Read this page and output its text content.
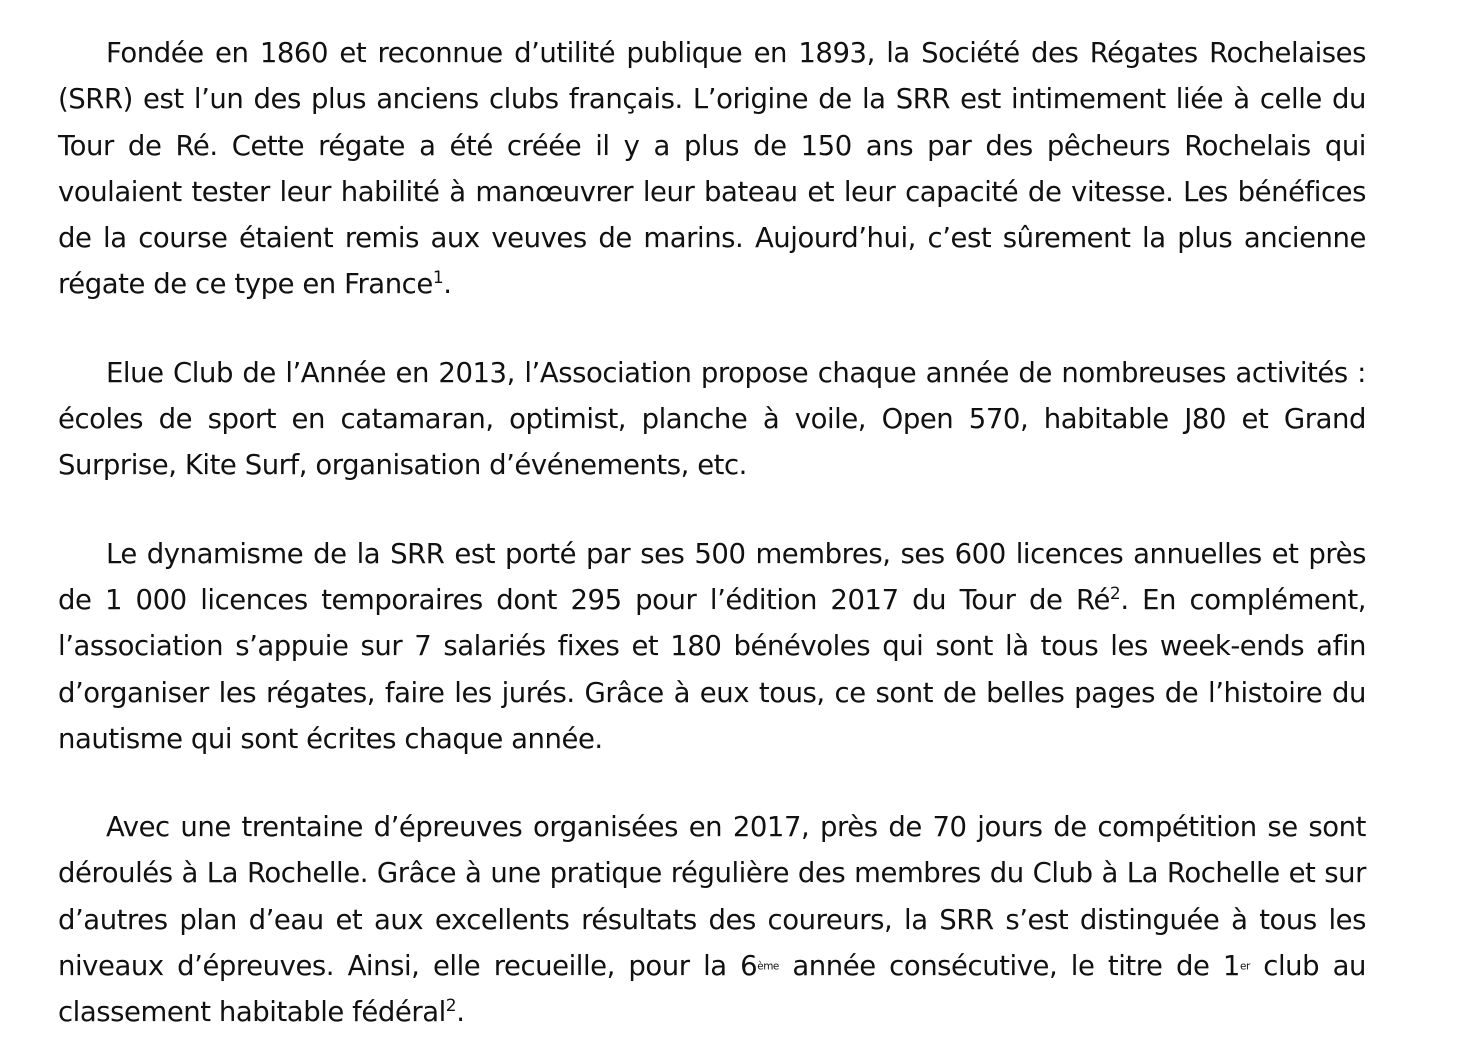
Fondée en 1860 et reconnue d’utilité publique en 1893, la Société des Régates Rochelaises (SRR) est l’un des plus anciens clubs français. L’origine de la SRR est intimement liée à celle du Tour de Ré. Cette régate a été créée il y a plus de 150 ans par des pêcheurs Rochelais qui voulaient tester leur habilité à manœuvrer leur bateau et leur capacité de vitesse. Les bénéfices de la course étaient remis aux veuves de marins. Aujourd’hui, c’est sûrement la plus ancienne régate de ce type en France$^1$.

Elue Club de l’Année en 2013, l’Association propose chaque année de nombreuses activités : écoles de sport en catamaran, optimist, planche à voile, Open 570, habitable J80 et Grand Surprise, Kite Surf, organisation d’événements, etc.

Le dynamisme de la SRR est porté par ses 500 membres, ses 600 licences annuelles et près de 1 000 licences temporaires dont 295 pour l’édition 2017 du Tour de $Ré^2$. En complément, l’association s’appuie sur 7 salariés fixes et 180 bénévoles qui sont là tous les week-ends afin d’organiser les régates, faire les jurés. Grâce à eux tous, ce sont de belles pages de l’histoire du nautisme qui sont écrites chaque année.

Avec une trentaine d’épreuves organisées en 2017, près de 70 jours de compétition se sont déroulés à La Rochelle. Grâce à une pratique régulière des membres du Club à La Rochelle et sur d’autres plan d’eau et aux excellents résultats des coureurs, la SRR s’est distinguée à tous les niveaux d’épreuves. Ainsi, elle recueille, pour la 6ème année consécutive, le titre de 1er club au classement habitable fédéral$^2$.
